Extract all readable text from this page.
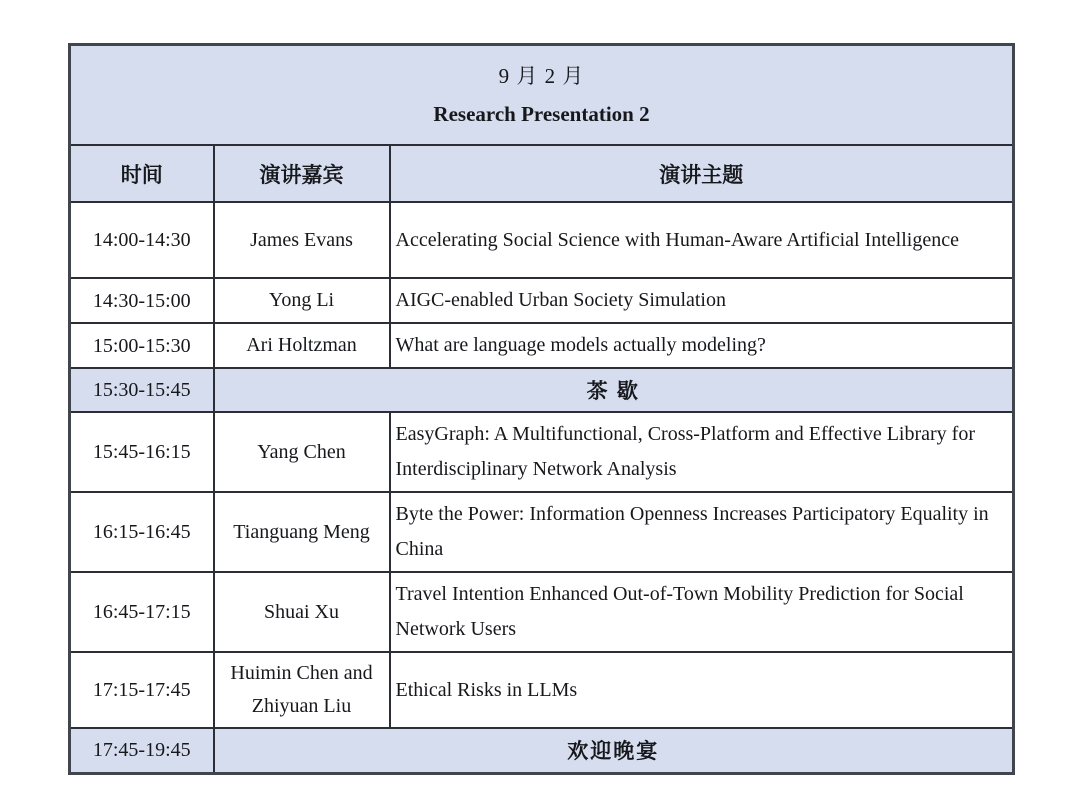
9 月 2 月
Research Presentation 2		

时间	演讲嘉宾	演讲主题
14:00-14:30	James Evans	Accelerating Social Science with Human-Aware Artificial Intelligence
14:30-15:00	Yong Li	AIGC-enabled Urban Society Simulation
15:00-15:30	Ari Holtzman	What are language models actually modeling?
15:30-15:45	茶 歇	
15:45-16:15	Yang Chen	EasyGraph: A Multifunctional, Cross-Platform and Effective Library for Interdisciplinary Network Analysis
16:15-16:45	Tianguang Meng	Byte the Power: Information Openness Increases Participatory Equality in China
16:45-17:15	Shuai Xu	Travel Intention Enhanced Out-of-Town Mobility Prediction for Social Network Users
17:15-17:45	Huimin Chen and Zhiyuan Liu	Ethical Risks in LLMs
17:45-19:45	欢迎晚宴	
